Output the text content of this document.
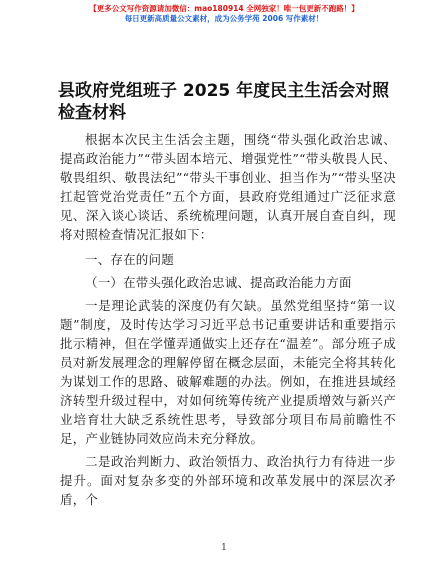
【更多公文写作资源请加微信：mao180914 全网独家！唯一包更新不跑路！】
每日更新高质量公文素材，成为公务学苑 2006 写作素材！
县政府党组班子 2025 年度民主生活会对照检查材料

根据本次民主生活会主题，围绕“带头强化政治忠诚、提高政治能力”“带头固本培元、增强党性”“带头敬畏人民、敬畏组织、敬畏法纪”“带头干事创业、担当作为”“带头坚决扛起管党治党责任”五个方面，县政府党组通过广泛征求意见、深入谈心谈话、系统梳理问题，认真开展自查自纠，现将对照检查情况汇报如下：

一、存在的问题

（一）在带头强化政治忠诚、提高政治能力方面

一是理论武装的深度仍有欠缺。虽然党组坚持“第一议题”制度，及时传达学习习近平总书记重要讲话和重要指示批示精神，但在学懂弄通做实上还存在“温差”。部分班子成员对新发展理念的理解停留在概念层面，未能完全将其转化为谋划工作的思路、破解难题的办法。例如，在推进县域经济转型升级过程中，对如何统筹传统产业提质增效与新兴产业培育壮大缺乏系统性思考，导致部分项目布局前瞻性不足，产业链协同效应尚未充分释放。

二是政治判断力、政治领悟力、政治执行力有待进一步提升。面对复杂多变的外部环境和改革发展中的深层次矛盾，个

1
